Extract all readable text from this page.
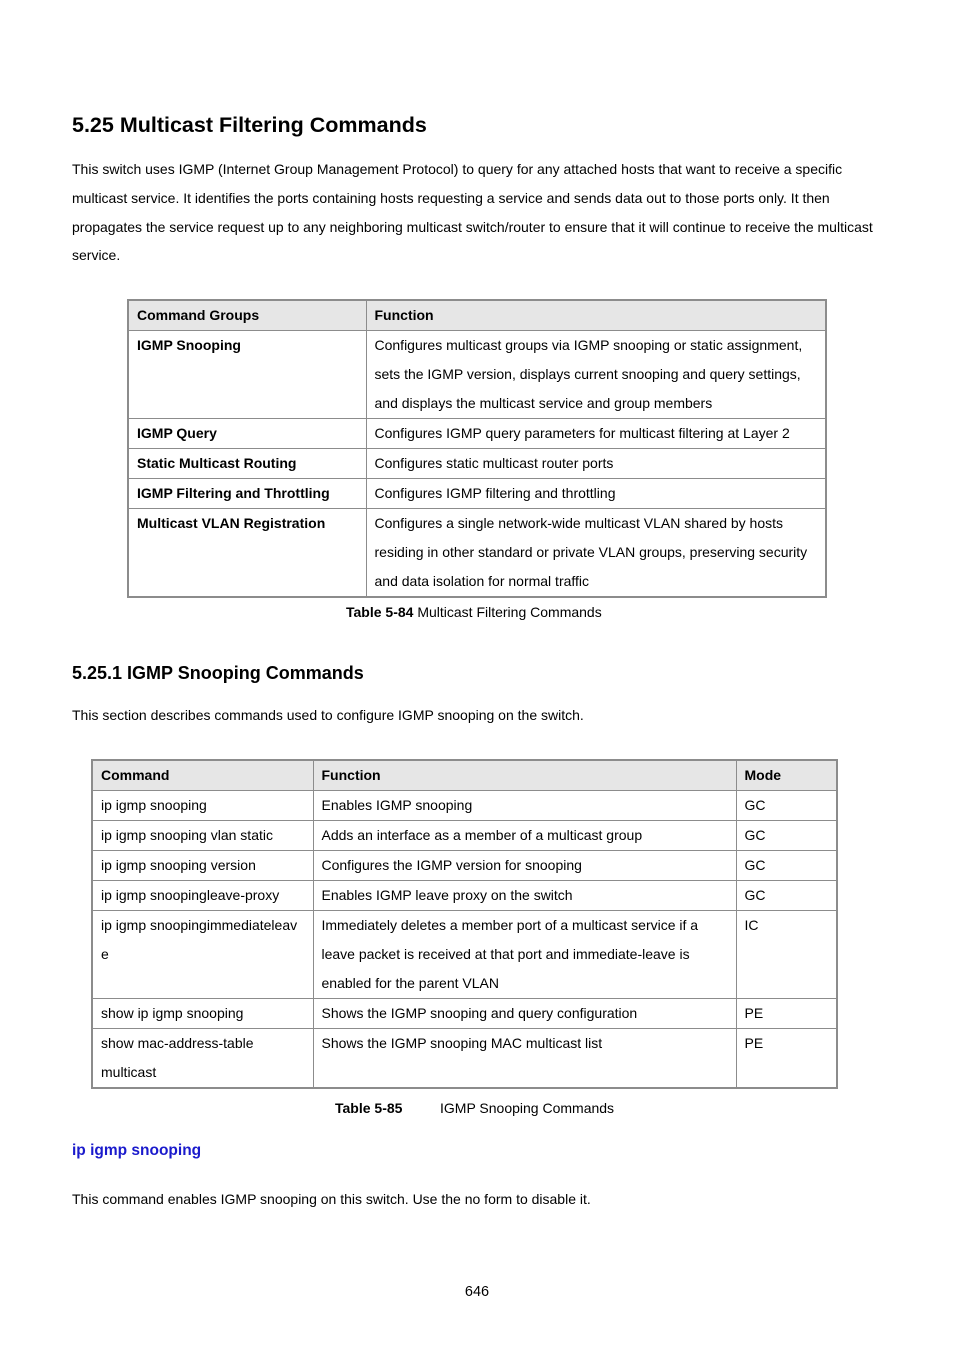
5.25 Multicast Filtering Commands

This switch uses IGMP (Internet Group Management Protocol) to query for any attached hosts that want to receive a specific multicast service. It identifies the ports containing hosts requesting a service and sends data out to those ports only. It then propagates the service request up to any neighboring multicast switch/router to ensure that it will continue to receive the multicast service.

Command Groups	Function
IGMP Snooping	Configures multicast groups via IGMP snooping or static assignment, sets the IGMP version, displays current snooping and query settings, and displays the multicast service and group members
IGMP Query	Configures IGMP query parameters for multicast filtering at Layer 2
Static Multicast Routing	Configures static multicast router ports
IGMP Filtering and Throttling	Configures IGMP filtering and throttling
Multicast VLAN Registration	Configures a single network-wide multicast VLAN shared by hosts residing in other standard or private VLAN groups, preserving security and data isolation for normal traffic
Table 5-84 Multicast Filtering Commands
5.25.1 IGMP Snooping Commands

This section describes commands used to configure IGMP snooping on the switch.

Command	Function	Mode
ip igmp snooping	Enables IGMP snooping	GC
ip igmp snooping vlan static	Adds an interface as a member of a multicast group	GC
ip igmp snooping version	Configures the IGMP version for snooping	GC
ip igmp snoopingleave-proxy	Enables IGMP leave proxy on the switch	GC
ip igmp snoopingimmediateleave	Immediately deletes a member port of a multicast service if a leave packet is received at that port and immediate-leave is enabled for the parent VLAN	IC
show ip igmp snooping	Shows the IGMP snooping and query configuration	PE
show mac-address-table multicast	Shows the IGMP snooping MAC multicast list	PE
Table 5-85	IGMP Snooping Commands
ip igmp snooping

This command enables IGMP snooping on this switch. Use the no form to disable it.

646
